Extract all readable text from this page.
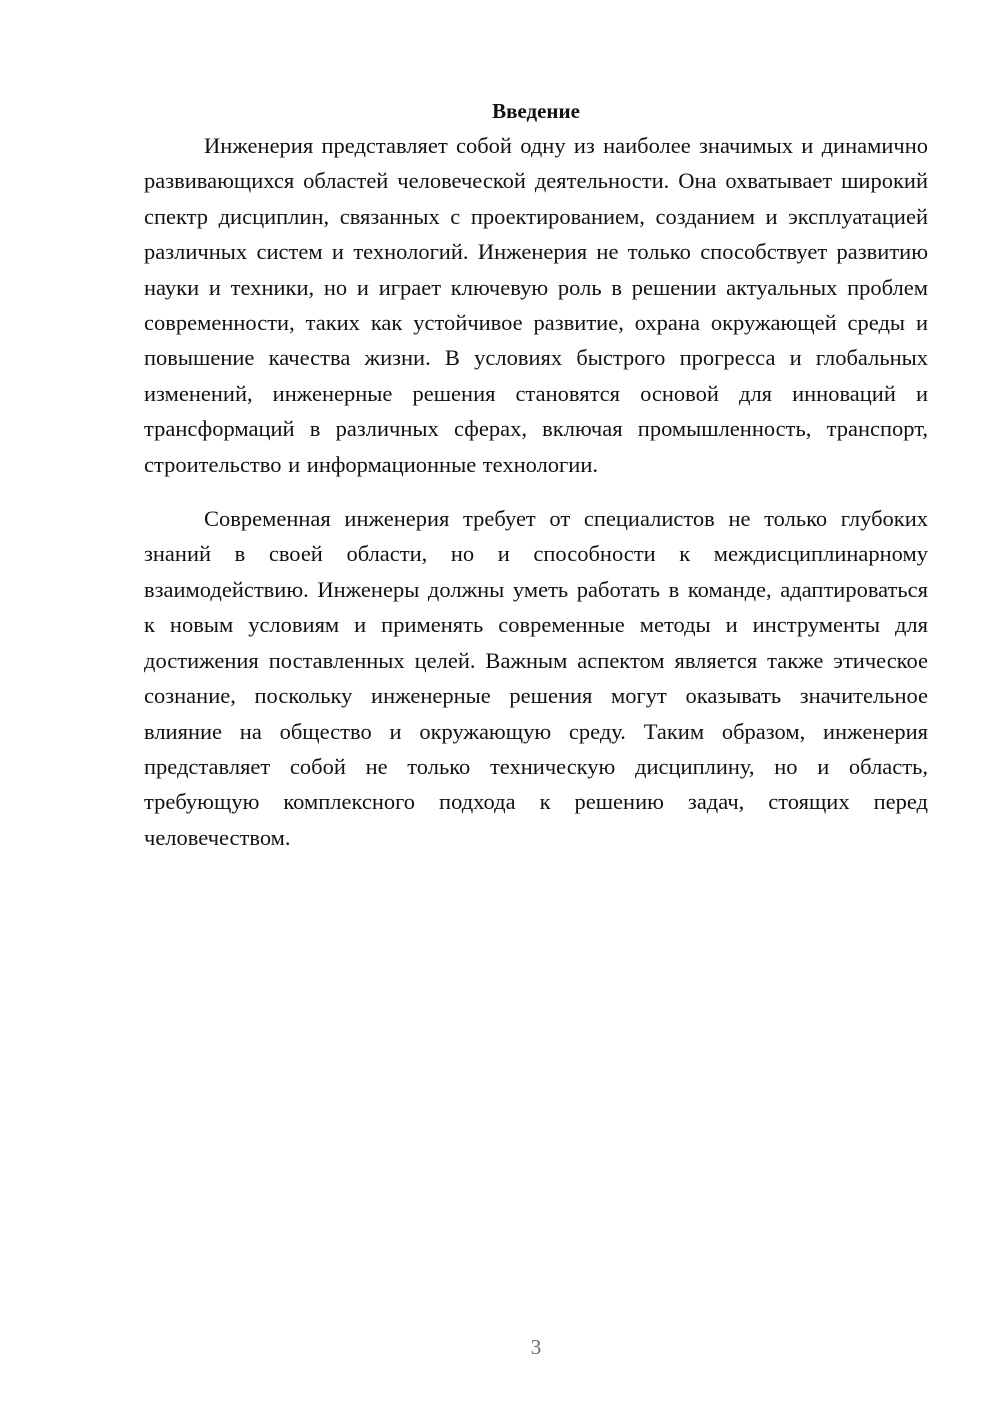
Введение

Инженерия представляет собой одну из наиболее значимых и динамично развивающихся областей человеческой деятельности. Она охватывает широкий спектр дисциплин, связанных с проектированием, созданием и эксплуатацией различных систем и технологий. Инженерия не только способствует развитию науки и техники, но и играет ключевую роль в решении актуальных проблем современности, таких как устойчивое развитие, охрана окружающей среды и повышение качества жизни. В условиях быстрого прогресса и глобальных изменений, инженерные решения становятся основой для инноваций и трансформаций в различных сферах, включая промышленность, транспорт, строительство и информационные технологии.

Современная инженерия требует от специалистов не только глубоких знаний в своей области, но и способности к междисциплинарному взаимодействию. Инженеры должны уметь работать в команде, адаптироваться к новым условиям и применять современные методы и инструменты для достижения поставленных целей. Важным аспектом является также этическое сознание, поскольку инженерные решения могут оказывать значительное влияние на общество и окружающую среду. Таким образом, инженерия представляет собой не только техническую дисциплину, но и область, требующую комплексного подхода к решению задач, стоящих перед человечеством.

3
